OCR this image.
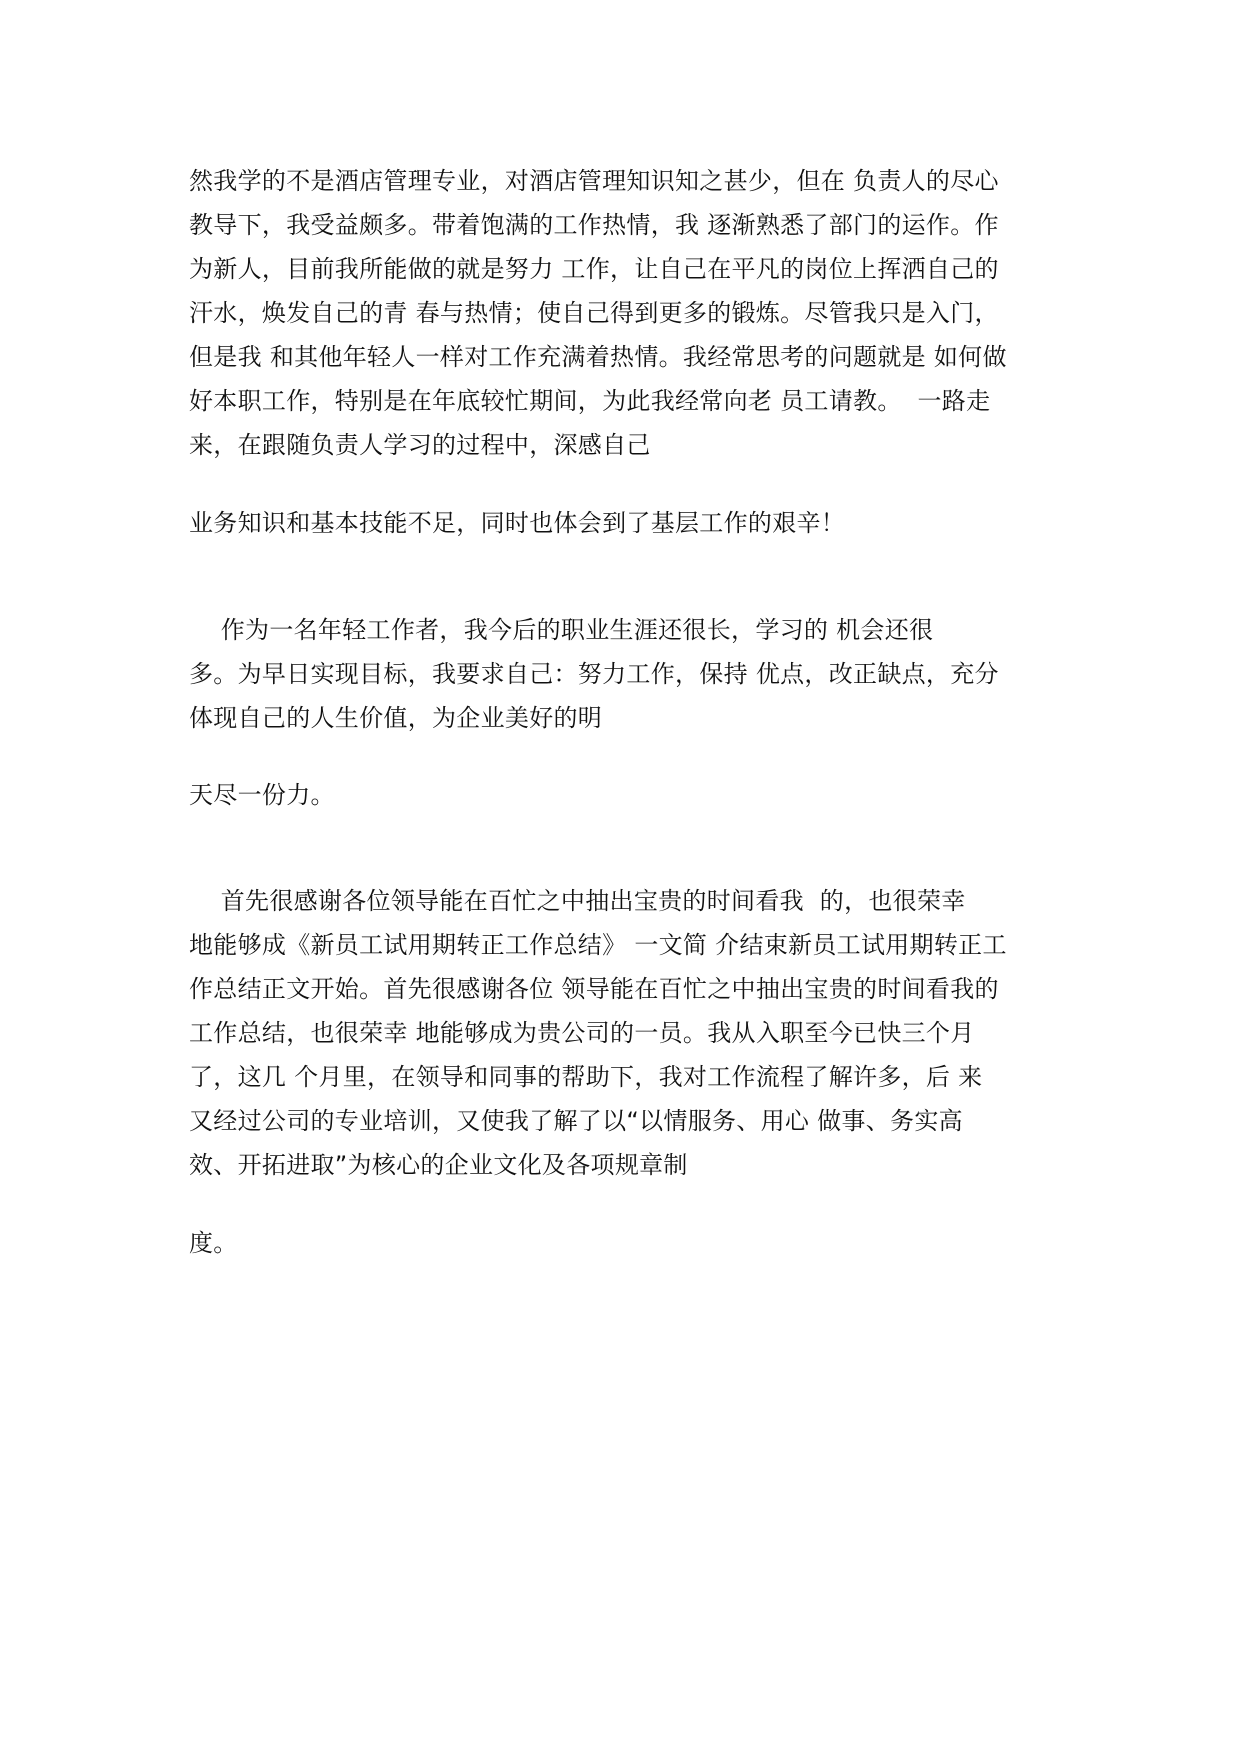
然我学的不是酒店管理专业，对酒店管理知识知之甚少，但在 负责人的尽心
教导下，我受益颇多。带着饱满的工作热情，我 逐渐熟悉了部门的运作。作
为新人，目前我所能做的就是努力 工作，让自己在平凡的岗位上挥洒自己的
汗水，焕发自己的青 春与热情；使自己得到更多的锻炼。尽管我只是入门，
但是我 和其他年轻人一样对工作充满着热情。我经常思考的问题就是 如何做
好本职工作，特别是在年底较忙期间，为此我经常向老 员工请教。  一路走
来，在跟随负责人学习的过程中，深感自己
业务知识和基本技能不足，同时也体会到了基层工作的艰辛！
作为一名年轻工作者，我今后的职业生涯还很长，学习的 机会还很
多。为早日实现目标，我要求自己：努力工作，保持 优点，改正缺点，充分
体现自己的人生价值，为企业美好的明
天尽一份力。
首先很感谢各位领导能在百忙之中抽出宝贵的时间看我  的，也很荣幸
地能够成《新员工试用期转正工作总结》 一文简 介结束新员工试用期转正工
作总结正文开始。首先很感谢各位 领导能在百忙之中抽出宝贵的时间看我的
工作总结，也很荣幸 地能够成为贵公司的一员。我从入职至今已快三个月
了，这几 个月里，在领导和同事的帮助下，我对工作流程了解许多，后 来
又经过公司的专业培训，又使我了解了以“以情服务、用心 做事、务实高
效、开拓进取”为核心的企业文化及各项规章制
度。
